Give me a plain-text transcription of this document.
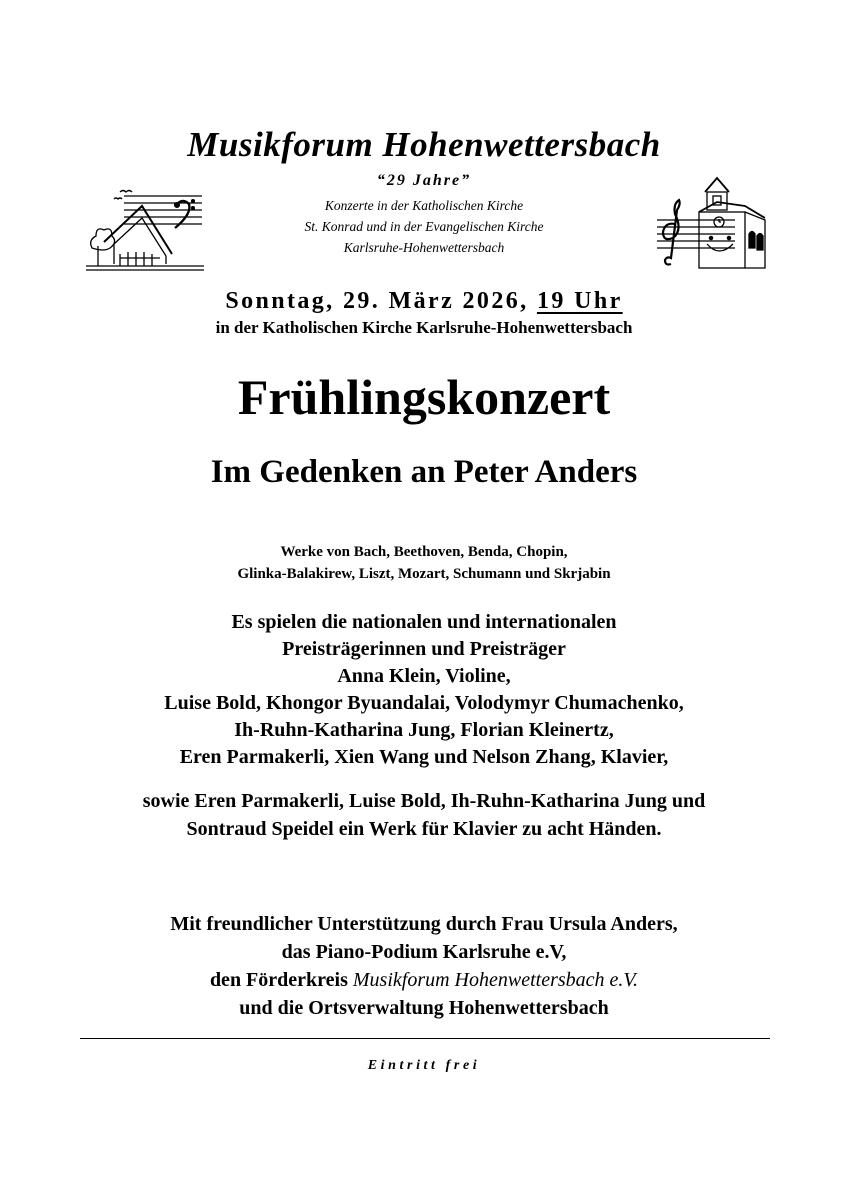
Musikforum Hohenwettersbach
“29 Jahre”
Konzerte in der Katholischen Kirche
St. Konrad und in der Evangelischen Kirche
Karlsruhe-Hohenwettersbach
Sonntag, 29. März 2026, 19 Uhr
in der Katholischen Kirche Karlsruhe-Hohenwettersbach
Frühlingskonzert
Im Gedenken an Peter Anders
Werke von Bach, Beethoven, Benda, Chopin,
Glinka-Balakirew, Liszt, Mozart, Schumann und Skrjabin
Es spielen die nationalen und internationalen
Preisträgerinnen und Preisträger
Anna Klein, Violine,
Luise Bold, Khongor Byuandalai, Volodymyr Chumachenko,
Ih-Ruhn-Katharina Jung, Florian Kleinertz,
Eren Parmakerli, Xien Wang und Nelson Zhang, Klavier,
sowie Eren Parmakerli, Luise Bold, Ih-Ruhn-Katharina Jung und
Sontraud Speidel ein Werk für Klavier zu acht Händen.
Mit freundlicher Unterstützung durch Frau Ursula Anders,
das Piano-Podium Karlsruhe e.V,
den Förderkreis Musikforum Hohenwettersbach e.V.
und die Ortsverwaltung Hohenwettersbach
Eintritt frei
